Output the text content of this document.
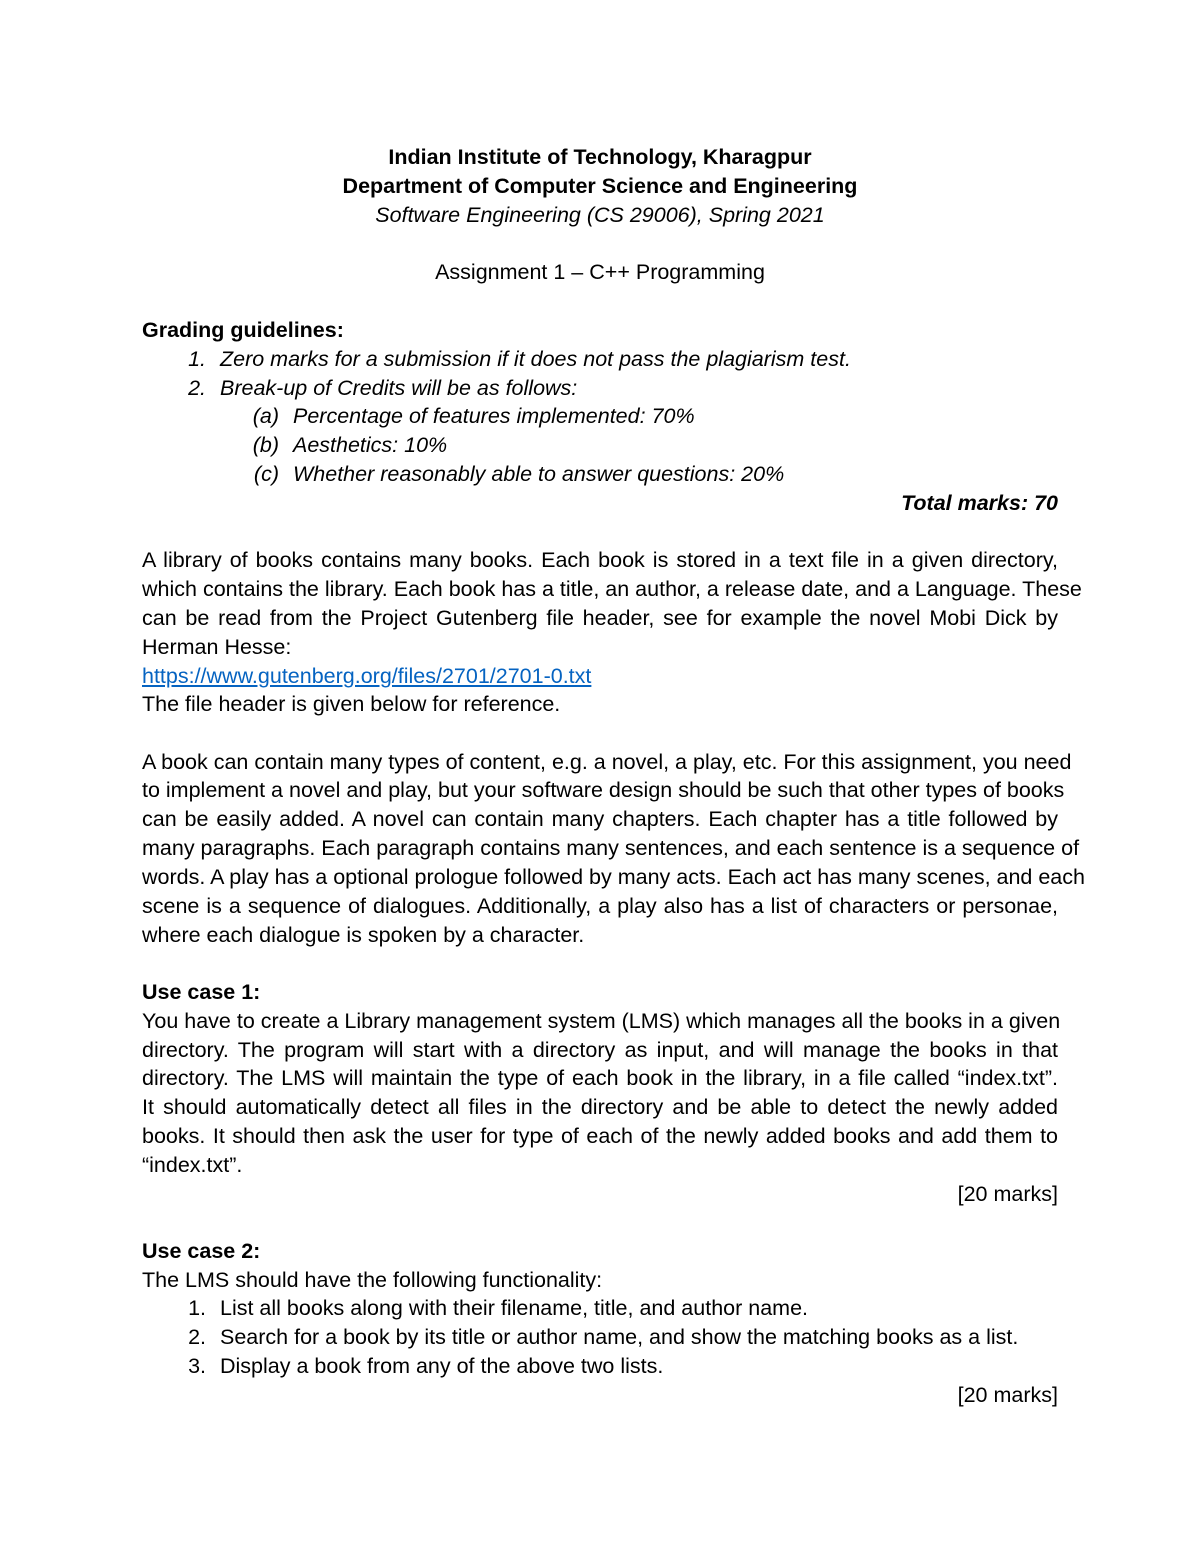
Indian Institute of Technology, Kharagpur
Department of Computer Science and Engineering
Software Engineering (CS 29006), Spring 2021
Assignment 1 – C++ Programming
Grading guidelines:
1. Zero marks for a submission if it does not pass the plagiarism test.
2. Break-up of Credits will be as follows:
(a) Percentage of features implemented: 70%
(b) Aesthetics: 10%
(c) Whether reasonably able to answer questions: 20%
Total marks: 70
A library of books contains many books. Each book is stored in a text file in a given directory,
which contains the library. Each book has a title, an author, a release date, and a Language. These
can be read from the Project Gutenberg file header, see for example the novel Mobi Dick by
Herman Hesse:
https://www.gutenberg.org/files/2701/2701-0.txt
The file header is given below for reference.
A book can contain many types of content, e.g. a novel, a play, etc. For this assignment, you need
to implement a novel and play, but your software design should be such that other types of books
can be easily added. A novel can contain many chapters. Each chapter has a title followed by
many paragraphs. Each paragraph contains many sentences, and each sentence is a sequence of
words. A play has a optional prologue followed by many acts. Each act has many scenes, and each
scene is a sequence of dialogues. Additionally, a play also has a list of characters or personae,
where each dialogue is spoken by a character.
Use case 1:
You have to create a Library management system (LMS) which manages all the books in a given
directory. The program will start with a directory as input, and will manage the books in that
directory. The LMS will maintain the type of each book in the library, in a file called “index.txt”.
It should automatically detect all files in the directory and be able to detect the newly added
books. It should then ask the user for type of each of the newly added books and add them to
“index.txt”.
[20 marks]
Use case 2:
The LMS should have the following functionality:
1. List all books along with their filename, title, and author name.
2. Search for a book by its title or author name, and show the matching books as a list.
3. Display a book from any of the above two lists.
[20 marks]
